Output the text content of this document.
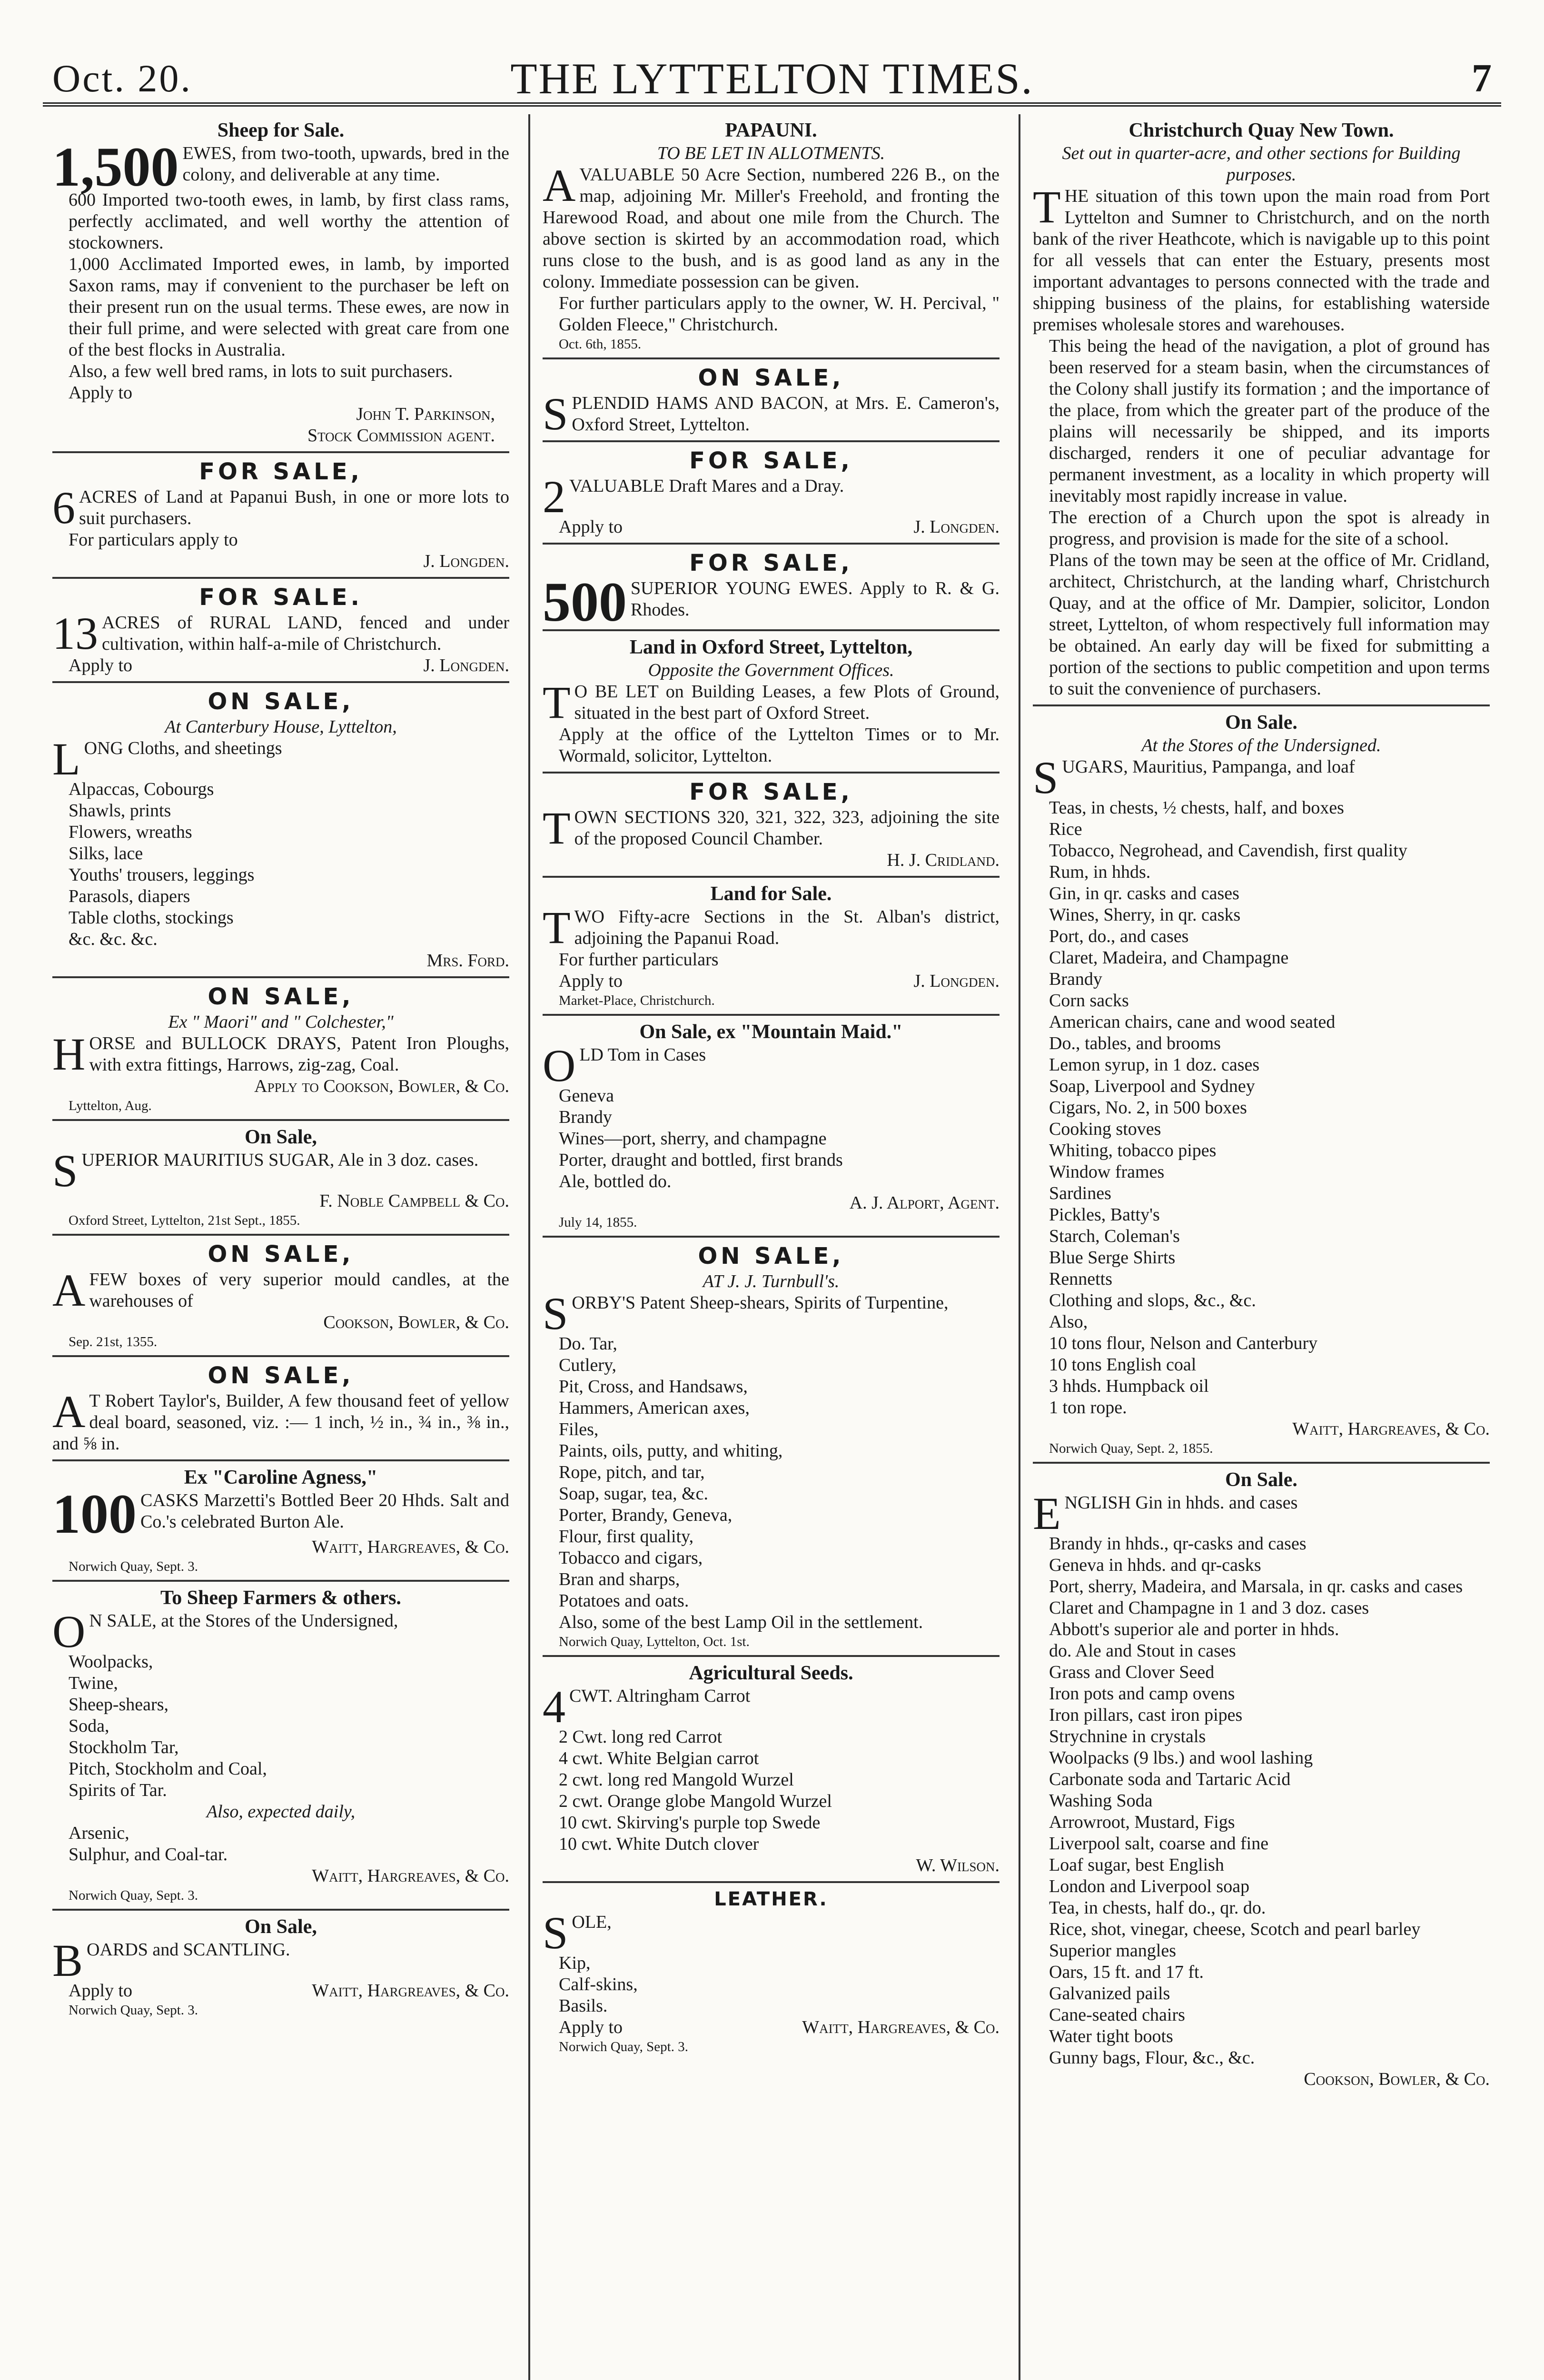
Oct. 20.	THE LYTTELTON TIMES.	7
Sheep for Sale.
1,500 EWES, from two-tooth, upwards, bred in the colony, and deliverable at any time.

600 Imported two-tooth ewes, in lamb, by first class rams, perfectly acclimated, and well worthy the attention of stockowners.

1,000 Acclimated Imported ewes, in lamb, by imported Saxon rams, may if convenient to the purchaser be left on their present run on the usual terms. These ewes, are now in their full prime, and were selected with great care from one of the best flocks in Australia.

Also, a few well bred rams, in lots to suit purchasers.

Apply to
John T. Parkinson,
Stock Commission agent.
FOR SALE,
6 ACRES of Land at Papanui Bush, in one or more lots to suit purchasers.
For particulars apply to
J. Longden.
FOR SALE.
13 ACRES of RURAL LAND, fenced and under cultivation, within half-a-mile of Christchurch.
Apply to	J. Longden.
ON SALE,
At Canterbury House, Lyttelton,
LONG Cloths, and sheetings
Alpaccas, Cobourgs
Shawls, prints
Flowers, wreaths
Silks, lace
Youths' trousers, leggings
Parasols, diapers
Table cloths, stockings
&c. &c. &c.
Mrs. Ford.
ON SALE,
Ex " Maori" and " Colchester,"
HORSE and BULLOCK DRAYS, Patent Iron Ploughs, with extra fittings, Harrows, zig-zag, Coal.
Apply to Cookson, Bowler, & Co.
Lyttelton, Aug.
On Sale,
SUPERIOR MAURITIUS SUGAR, Ale in 3 doz. cases.
F. Noble Campbell & Co.
Oxford Street, Lyttelton, 21st Sept., 1855.
ON SALE,
AFEW boxes of very superior mould candles, at the warehouses of
Cookson, Bowler, & Co.
Sep. 21st, 1355.
ON SALE,
A T Robert Taylor's, Builder, A few thousand feet of yellow deal board, seasoned, viz. :— 1 inch, ½ in., ¾ in., ⅜ in., and ⅝ in.
Ex "Caroline Agness,"
100 CASKS Marzetti's Bottled Beer 20 Hhds. Salt and Co.'s celebrated Burton Ale.
Waitt, Hargreaves, & Co.
Norwich Quay, Sept. 3.
To Sheep Farmers & others.
O N SALE, at the Stores of the Undersigned,
Woolpacks,
Twine,
Sheep-shears,
Soda,
Stockholm Tar,
Pitch, Stockholm and Coal,
Spirits of Tar.
Also, expected daily,
Arsenic,
Sulphur, and Coal-tar.
Waitt, Hargreaves, & Co.
Norwich Quay, Sept. 3.
On Sale,
BOARDS and SCANTLING.
Apply to	Waitt, Hargreaves, & Co.
Norwich Quay, Sept. 3.
PAPAUNI.
TO BE LET IN ALLOTMENTS.
AVALUABLE 50 Acre Section, numbered 226 B., on the map, adjoining Mr. Miller's Freehold, and fronting the Harewood Road, and about one mile from the Church. The above section is skirted by an accommodation road, which runs close to the bush, and is as good land as any in the colony. Immediate possession can be given.

For further particulars apply to the owner, W. H. Percival, " Golden Fleece," Christchurch.

Oct. 6th, 1855.
ON SALE,
SPLENDID HAMS AND BACON, at Mrs. E. Cameron's, Oxford Street, Lyttelton.
FOR SALE,
2 VALUABLE Draft Mares and a Dray.
Apply to	J. Longden.
FOR SALE,
500 SUPERIOR YOUNG EWES. Apply to R. & G. Rhodes.
Land in Oxford Street, Lyttelton,
Opposite the Government Offices.
T O BE LET on Building Leases, a few Plots of Ground, situated in the best part of Oxford Street.

Apply at the office of the Lyttelton Times or to Mr. Wormald, solicitor, Lyttelton.

FOR SALE,
TOWN SECTIONS 320, 321, 322, 323, adjoining the site of the proposed Council Chamber.
H. J. Cridland.
Land for Sale.
TWO Fifty-acre Sections in the St. Alban's district, adjoining the Papanui Road.
For further particulars
Apply to	J. Longden.
Market-Place, Christchurch.
On Sale, ex "Mountain Maid."
OLD Tom in Cases
Geneva
Brandy
Wines—port, sherry, and champagne
Porter, draught and bottled, first brands
Ale, bottled do.
A. J. Alport, Agent.
July 14, 1855.
ON SALE,
AT J. J. Turnbull's.
SORBY'S Patent Sheep-shears, Spirits of Turpentine,
Do. Tar,
Cutlery,
Pit, Cross, and Handsaws,
Hammers, American axes,
Files,
Paints, oils, putty, and whiting,
Rope, pitch, and tar,
Soap, sugar, tea, &c.
Porter, Brandy, Geneva,
Flour, first quality,
Tobacco and cigars,
Bran and sharps,
Potatoes and oats.
Also, some of the best Lamp Oil in the settlement.
Norwich Quay, Lyttelton, Oct. 1st.
Agricultural Seeds.
4 CWT. Altringham Carrot
2 Cwt. long red Carrot
4 cwt. White Belgian carrot
2 cwt. long red Mangold Wurzel
2 cwt. Orange globe Mangold Wurzel
10 cwt. Skirving's purple top Swede
10 cwt. White Dutch clover
W. Wilson.
LEATHER.
SOLE,
Kip,
Calf-skins,
Basils.
Apply to	Waitt, Hargreaves, & Co.
Norwich Quay, Sept. 3.
Christchurch Quay New Town.
Set out in quarter-acre, and other sections for Building purposes.
THE situation of this town upon the main road from Port Lyttelton and Sumner to Christchurch, and on the north bank of the river Heathcote, which is navigable up to this point for all vessels that can enter the Estuary, presents most important advantages to persons connected with the trade and shipping business of the plains, for establishing waterside premises wholesale stores and warehouses.

This being the head of the navigation, a plot of ground has been reserved for a steam basin, when the circumstances of the Colony shall justify its formation ; and the importance of the place, from which the greater part of the produce of the plains will necessarily be shipped, and its imports discharged, renders it one of peculiar advantage for permanent investment, as a locality in which property will inevitably most rapidly increase in value.

The erection of a Church upon the spot is already in progress, and provision is made for the site of a school.

Plans of the town may be seen at the office of Mr. Cridland, architect, Christchurch, at the landing wharf, Christchurch Quay, and at the office of Mr. Dampier, solicitor, London street, Lyttelton, of whom respectively full information may be obtained. An early day will be fixed for submitting a portion of the sections to public competition and upon terms to suit the convenience of purchasers.

On Sale.
At the Stores of the Undersigned.
SUGARS, Mauritius, Pampanga, and loaf
Teas, in chests, ½ chests, half, and boxes
Rice
Tobacco, Negrohead, and Cavendish, first quality
Rum, in hhds.
Gin, in qr. casks and cases
Wines, Sherry, in qr. casks
Port, do., and cases
Claret, Madeira, and Champagne
Brandy
Corn sacks
American chairs, cane and wood seated
Do., tables, and brooms
Lemon syrup, in 1 doz. cases
Soap, Liverpool and Sydney
Cigars, No. 2, in 500 boxes
Cooking stoves
Whiting, tobacco pipes
Window frames
Sardines
Pickles, Batty's
Starch, Coleman's
Blue Serge Shirts
Rennetts
Clothing and slops, &c., &c.
Also,
10 tons flour, Nelson and Canterbury
10 tons English coal
3 hhds. Humpback oil
1 ton rope.
Waitt, Hargreaves, & Co.
Norwich Quay, Sept. 2, 1855.
On Sale.
ENGLISH Gin in hhds. and cases
Brandy in hhds., qr-casks and cases
Geneva in hhds. and qr-casks
Port, sherry, Madeira, and Marsala, in qr. casks and cases
Claret and Champagne in 1 and 3 doz. cases
Abbott's superior ale and porter in hhds.
do. Ale and Stout in cases
Grass and Clover Seed
Iron pots and camp ovens
Iron pillars, cast iron pipes
Strychnine in crystals
Woolpacks (9 lbs.) and wool lashing
Carbonate soda and Tartaric Acid
Washing Soda
Arrowroot, Mustard, Figs
Liverpool salt, coarse and fine
Loaf sugar, best English
London and Liverpool soap
Tea, in chests, half do., qr. do.
Rice, shot, vinegar, cheese, Scotch and pearl barley
Superior mangles
Oars, 15 ft. and 17 ft.
Galvanized pails
Cane-seated chairs
Water tight boots
Gunny bags, Flour, &c., &c.
Cookson, Bowler, & Co.
